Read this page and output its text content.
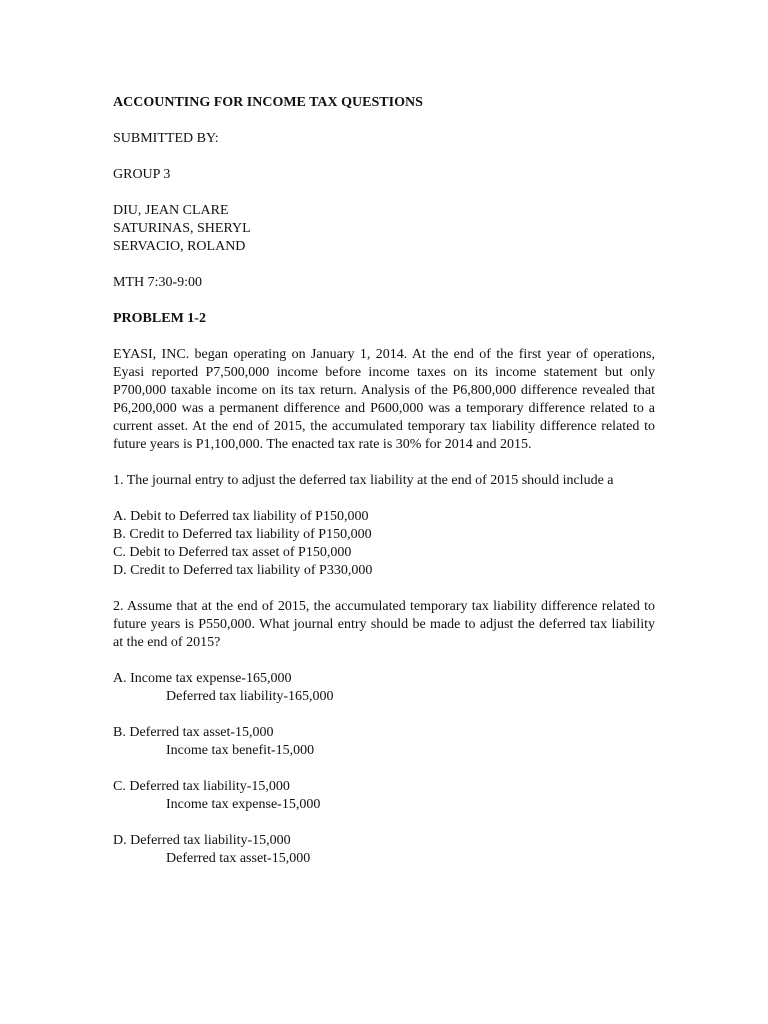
ACCOUNTING FOR INCOME TAX QUESTIONS

SUBMITTED BY:

GROUP 3

DIU, JEAN CLARE

SATURINAS, SHERYL

SERVACIO, ROLAND

MTH 7:30-9:00

PROBLEM 1-2

EYASI, INC. began operating on January 1, 2014. At the end of the first year of operations, Eyasi reported P7,500,000 income before income taxes on its income statement but only P700,000 taxable income on its tax return. Analysis of the P6,800,000 difference revealed that P6,200,000 was a permanent difference and P600,000 was a temporary difference related to a current asset. At the end of 2015, the accumulated temporary tax liability difference related to future years is P1,100,000. The enacted tax rate is 30% for 2014 and 2015.

1. The journal entry to adjust the deferred tax liability at the end of 2015 should include a

A. Debit to Deferred tax liability of P150,000

B. Credit to Deferred tax liability of P150,000

C. Debit to Deferred tax asset of P150,000

D. Credit to Deferred tax liability of P330,000

2. Assume that at the end of 2015, the accumulated temporary tax liability difference related to future years is P550,000. What journal entry should be made to adjust the deferred tax liability at the end of 2015?

A. Income tax expense-165,000

Deferred tax liability-165,000

B. Deferred tax asset-15,000

Income tax benefit-15,000

C. Deferred tax liability-15,000

Income tax expense-15,000

D. Deferred tax liability-15,000

Deferred tax asset-15,000
